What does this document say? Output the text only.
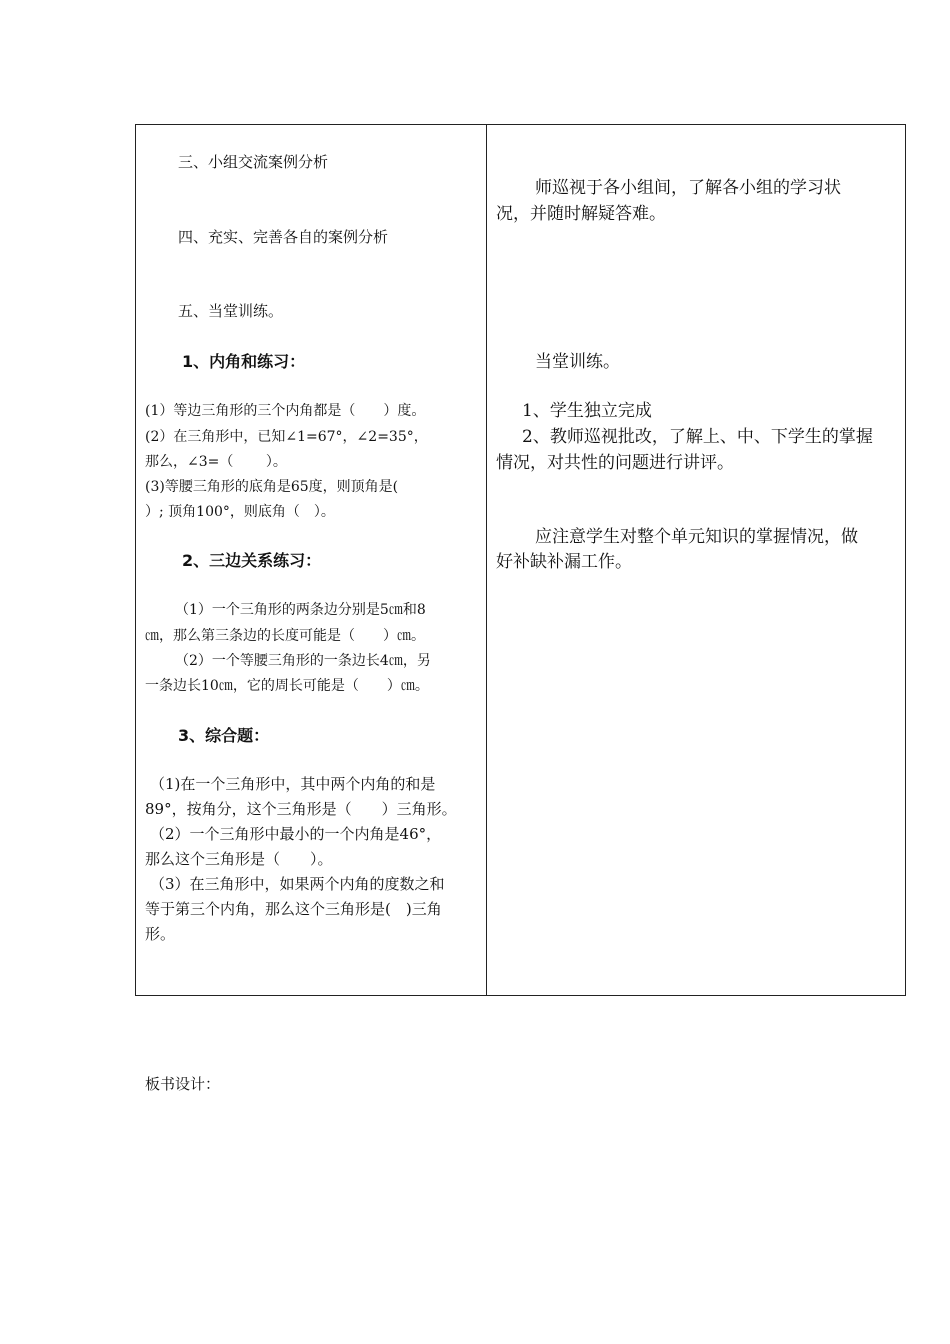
三、小组交流案例分析
四、充实、完善各自的案例分析
五、当堂训练。
1、内角和练习：
(1）等边三角形的三个内角都是（　　）度。
(2）在三角形中，已知∠1=67°，∠2=35°，
那么，∠3=（　　 ）。
(3)等腰三角形的底角是65度，则顶角是(
）; 顶角100°，则底角（　）。
2、三边关系练习：
（1）一个三角形的两条边分别是5㎝和8
㎝，那么第三条边的长度可能是（　　）㎝。
（2）一个等腰三角形的一条边长4㎝，另
一条边长10㎝，它的周长可能是（　　）㎝。
3、综合题：
（1)在一个三角形中，其中两个内角的和是
89°，按角分，这个三角形是（　　）三角形。
（2）一个三角形中最小的一个内角是46°，
那么这个三角形是（　　）。
（3）在三角形中，如果两个内角的度数之和
等于第三个内角，那么这个三角形是(　)三角
形。
师巡视于各小组间，了解各小组的学习状
况，并随时解疑答难。
当堂训练。
1、学生独立完成
2、教师巡视批改，了解上、中、下学生的掌握
情况，对共性的问题进行讲评。
应注意学生对整个单元知识的掌握情况，做
好补缺补漏工作。
板书设计：
